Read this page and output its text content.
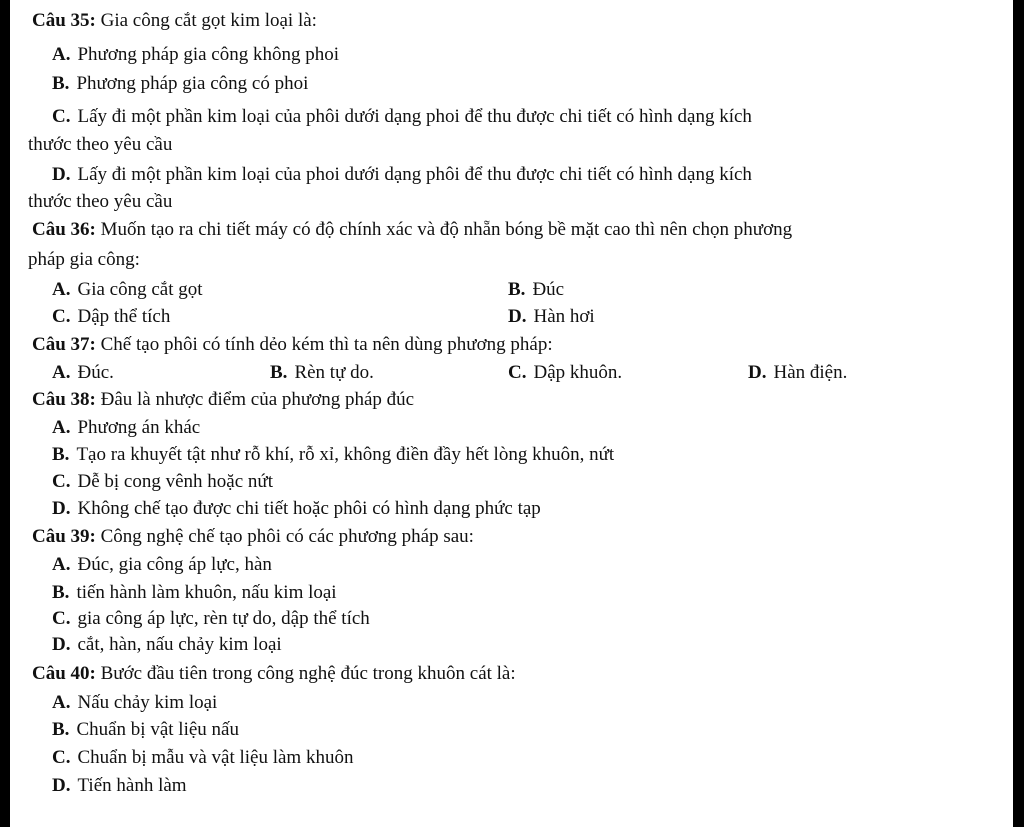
Câu 35: Gia công cắt gọt kim loại là:
A. Phương pháp gia công không phoi
B. Phương pháp gia công có phoi
C. Lấy đi một phần kim loại của phôi dưới dạng phoi để thu được chi tiết có hình dạng kích
thước theo yêu cầu
D. Lấy đi một phần kim loại của phoi dưới dạng phôi để thu được chi tiết có hình dạng kích
thước theo yêu cầu
Câu 36: Muốn tạo ra chi tiết máy có độ chính xác và độ nhẵn bóng bề mặt cao thì nên chọn phương
pháp gia công:
A. Gia công cắt gọt	B. Đúc
C. Dập thể tích	D. Hàn hơi
Câu 37: Chế tạo phôi có tính dẻo kém thì ta nên dùng phương pháp:
A. Đúc.	B. Rèn tự do.	C. Dập khuôn.	D. Hàn điện.
Câu 38: Đâu là nhược điểm của phương pháp đúc
A. Phương án khác
B. Tạo ra khuyết tật như rỗ khí, rỗ xỉ, không điền đầy hết lòng khuôn, nứt
C. Dễ bị cong vênh hoặc nứt
D. Không chế tạo được chi tiết hoặc phôi có hình dạng phức tạp
Câu 39: Công nghệ chế tạo phôi có các phương pháp sau:
A. Đúc, gia công áp lực, hàn
B. tiến hành làm khuôn, nấu kim loại
C. gia công áp lực, rèn tự do, dập thể tích
D. cắt, hàn, nấu chảy kim loại
Câu 40: Bước đầu tiên trong công nghệ đúc trong khuôn cát là:
A. Nấu chảy kim loại
B. Chuẩn bị vật liệu nấu
C. Chuẩn bị mẫu và vật liệu làm khuôn
D. Tiến hành làm
